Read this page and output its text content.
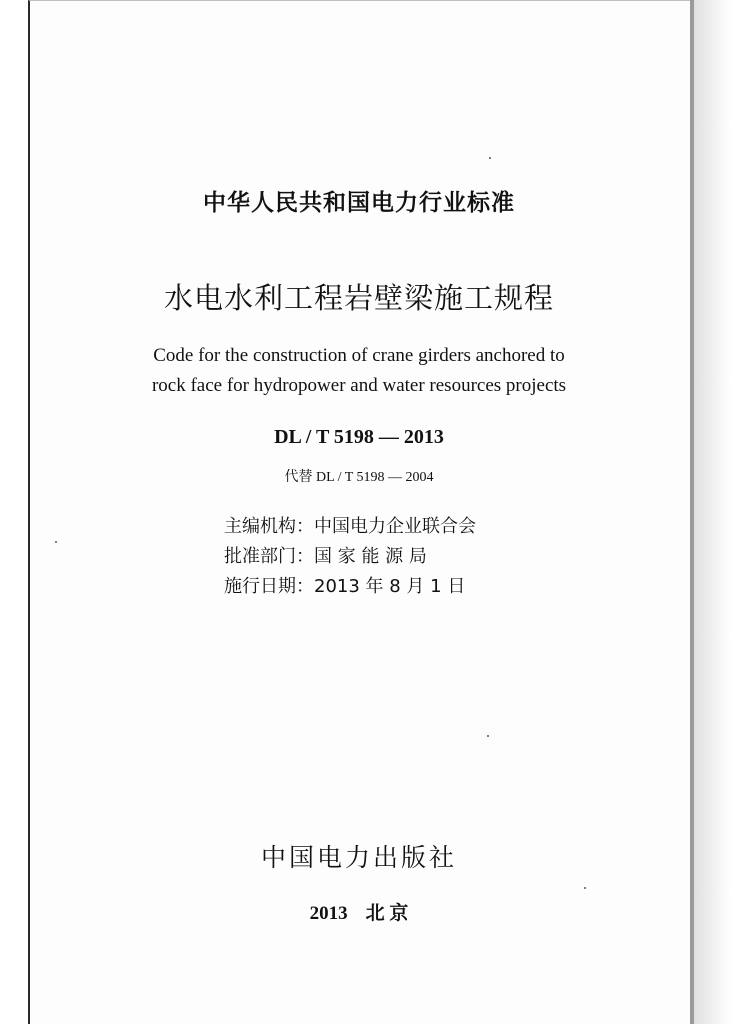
中华人民共和国电力行业标准
水电水利工程岩壁梁施工规程
Code for the construction of crane girders anchored to
rock face for hydropower and water resources projects
DL / T 5198 — 2013
代替 DL / T 5198 — 2004
主编机构：中国电力企业联合会
批准部门：国 家 能 源 局
施行日期：2013 年 8 月 1 日
中国电力出版社
2013 北 京
